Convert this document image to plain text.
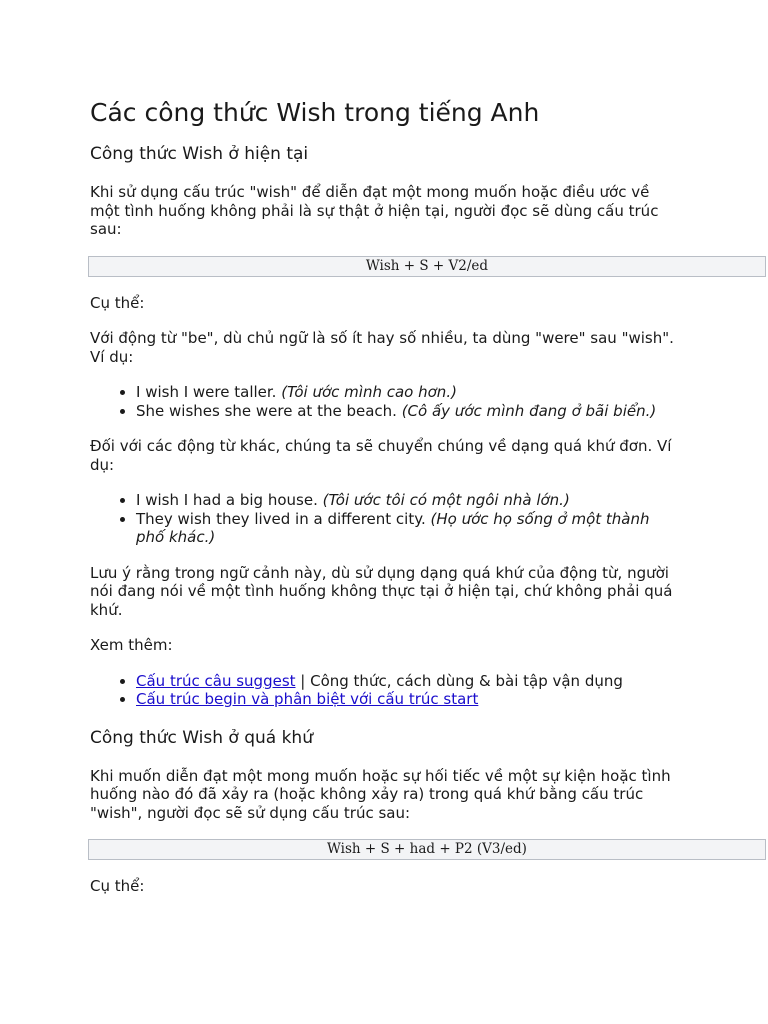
Các công thức Wish trong tiếng Anh
Công thức Wish ở hiện tại

Khi sử dụng cấu trúc "wish" để diễn đạt một mong muốn hoặc điều ước về một tình huống không phải là sự thật ở hiện tại, người đọc sẽ dùng cấu trúc sau:

Wish + S + V2/ed

Cụ thể:

Với động từ "be", dù chủ ngữ là số ít hay số nhiều, ta dùng "were" sau "wish". Ví dụ:

• I wish I were taller. (Tôi ước mình cao hơn.)
• She wishes she were at the beach. (Cô ấy ước mình đang ở bãi biển.)

Đối với các động từ khác, chúng ta sẽ chuyển chúng về dạng quá khứ đơn. Ví dụ:

• I wish I had a big house. (Tôi ước tôi có một ngôi nhà lớn.)
• They wish they lived in a different city. (Họ ước họ sống ở một thành phố khác.)

Lưu ý rằng trong ngữ cảnh này, dù sử dụng dạng quá khứ của động từ, người nói đang nói về một tình huống không thực tại ở hiện tại, chứ không phải quá khứ.

Xem thêm:

• Cấu trúc câu suggest | Công thức, cách dùng & bài tập vận dụng
• Cấu trúc begin và phân biệt với cấu trúc start
Công thức Wish ở quá khứ

Khi muốn diễn đạt một mong muốn hoặc sự hối tiếc về một sự kiện hoặc tình huống nào đó đã xảy ra (hoặc không xảy ra) trong quá khứ bằng cấu trúc "wish", người đọc sẽ sử dụng cấu trúc sau:

Wish + S + had + P2 (V3/ed)

Cụ thể:
